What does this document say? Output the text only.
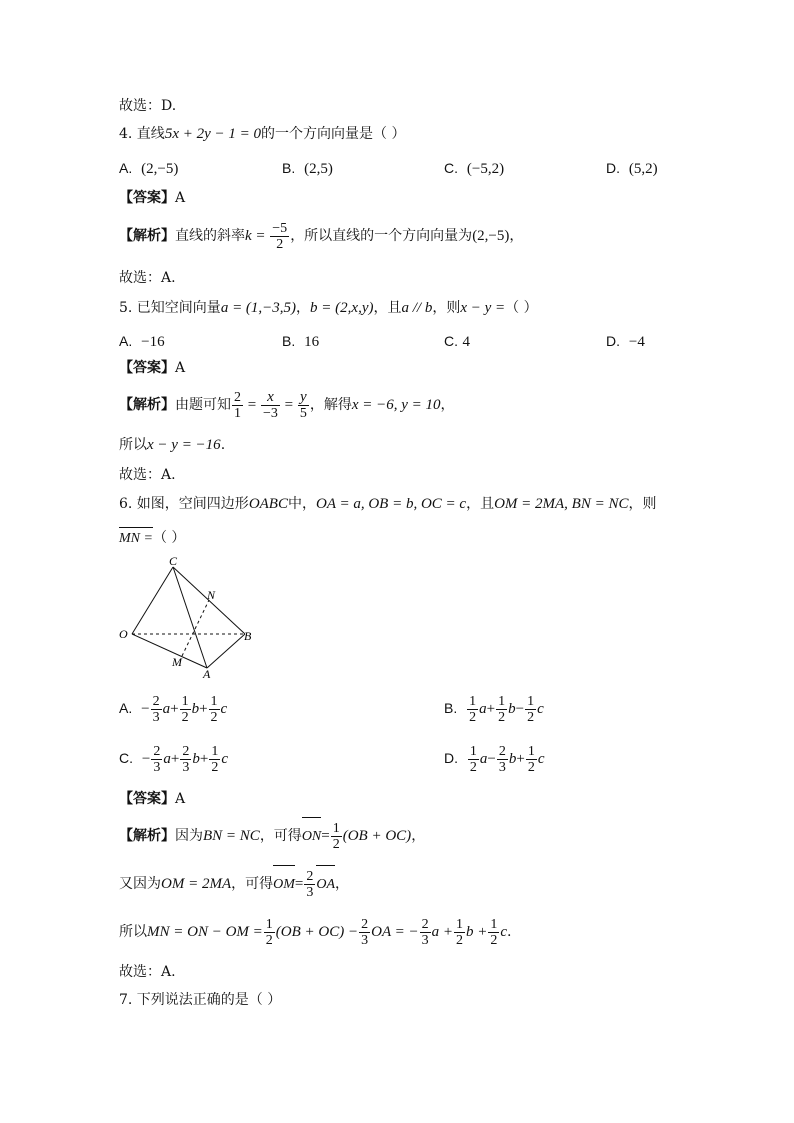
故选：D.
4. 直线5x + 2y − 1 = 0的一个方向向量是（ ）
A. (2,−5)	B. (2,5)	C. (−5,2)	D. (5,2)
【答案】A
【解析】直线的斜率$k = \frac{-5}{2}$ ，所以直线的一个方向向量为(2,−5)，
故选：A.
5. 已知空间向量a = (1,−3,5)，b = (2,x,y)，且a // b，则x − y =（ ）
A. −16	B. 16	C. 4	D. −4
【答案】A
【解析】由题可知 $\frac{2}{1} = \frac{x}{-3} = \frac{y}{5}$ ，解得x = −6, y = 10，
所以x − y = −16.
故选：A.
6. 如图，空间四边形OABC中，OA = a, OB = b, OC = c，且OM = 2MA, BN = NC，则
MN =（ ）
C
N
O	B
M
A
A. − $\frac{2}{3} a+ \frac{1}{2} b+ \frac{1}{2}$ c	B. $\frac{1}{2} a+ \frac{1}{2} b- \frac{1}{2}$ c
C. − $\frac{2}{3} a+ \frac{2}{3} b+ \frac{1}{2}$ c	D. $\frac{1}{2} a- \frac{2}{3} b+ \frac{1}{2}$ c
【答案】A
【解析】因为BN = NC，可得$ON= \frac{1}{2} (OB + OC)$，
又因为OM = 2MA，可得$OM= \frac{2}{3}$ OA，
所以MN = ON − OM = $\frac{1}{2} (OB + OC) - \frac{2}{3}$ OA = − $\frac{2}{3}$ $a + \frac{1}{2}$ $b + \frac{1}{2} c$.
故选：A.
7. 下列说法正确的是（ ）
